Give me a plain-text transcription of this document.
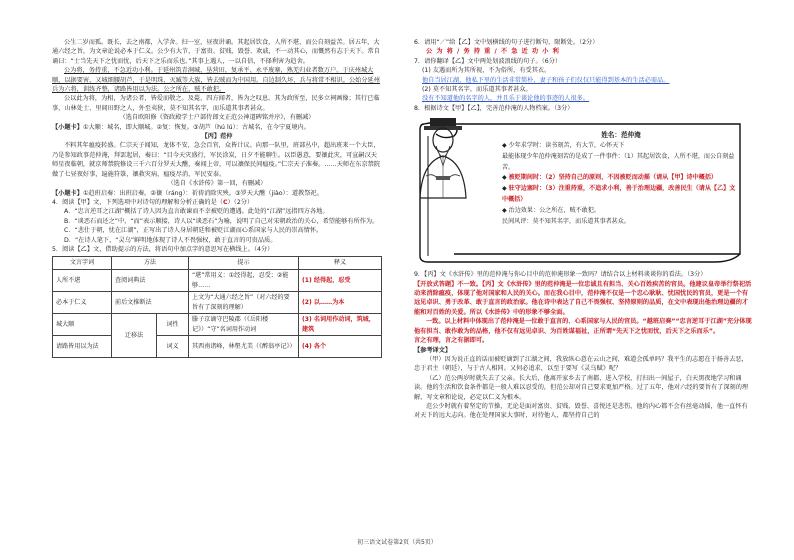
公生二岁而孤。既长，去之南都，入学舍。扫一室，昼夜讲诵。其起居饮食，人所不堪，而公自刻益苦。居五年，大通六经之旨，为文章论说必本于仁义。公少有大节，于富贵、贫贱、毁誉、欢戚，不一动其心，而慨然有志于天下。常自诵曰：“士当先天下之忧而忧，后天下之乐而乐也。”其事上遇人，一以自信，不择利害为趋舍。

公为将，务持重，不急近功小利。于延州筑青涧城，垦营田，复承平、永平废寨，熟羌归业者数万户。于庆州城大顺，以据要害，又城细腰胡芦，于是明珠、灭臧等大族，皆去贼而为中国用。自边制久坏，兵与将常不相识。公始分延州兵为六将，训练齐整，诸路皆用以为法。公之所在，贼不敢犯。

公以此为将，为相，为诸公者，皆爱而敬之。及薨，四方闻者，皆为之叹息。其为政所至，民多立祠画像；其行已临事，山林处士、里闾田野之人，外至夷狄，莫不知其名字，而乐道其事者甚众。

（选自欧阳修《资政殿学士户部侍郎文正范公神道碑铭并序》，有删减）

【小题卡】①大顺：城名，即大顺城。②复：恢复。③胡芦（hú lú）：古城名，在今宁夏境内。

【丙】范仲

不料其年瘟疫转盛。仁宗天子闻知，龙体不安，急会百官，众皆计议。向那一队里，班部丛中，超出班来一个大臣，乃是参知政事范仲淹，拜罢起居，奏曰：“目今天灾盛行，军民涂炭，日夕不能聊生。以臣愚意，要禳此灾，可宣嗣汉天师星夜临朝，就京师禁院修设三千六百分罗天大醮，奏闻上帝，可以禳保民间瘟疫。”仁宗天子准奏。……天师在东京禁院做了七昼夜好事，遍施符箓，禳救灾病，瘟疫尽消，军民安泰。

（选自《水浒传》第一回，有删减）

【小题卡】①趋班启奏：出班启奏。②禳（ráng）：祈祷消除灾殃。③罗天大醮（jiào）：道教祭祀。

4．阅读【甲】文，下列选项中对诗句的理解和分析正确的是（C）（2分）

A．“忠言逆耳之江湖”概括了诗人因为直言敢谏而不幸被贬的遭遇。此处的“江湖”远指四方各地。

B．“谈恶石而还之”中，“而”表示顺接，诗人以“谈恶石”为喻，说明了自己对宋朝政治的关心，希望能够有所作为。

C．“悲仕于朝，忧在江湖”，正写出了诗人身居朝廷和被贬江湖而心系国家与人民的崇高情怀。

D．“在诗人笔下，“灵乌”鲜明地体现了诗人不畏强权，敢于直言的可贵品质。

5．阅读【乙】文，借助提示的方法，将语句中加点字的意思写在横线上。（4分）

文言字词	方法		提示	释义
人所不堪	查阅词典法		“堪”常用义：①经得起，忍受；②能够……	(1) 经得起，忍受
必本于仁义	前后文推断法		上文为“大通六经之旨”（对六经的要旨有了深刻的理解）	(2) 以……为本
城大顺	迁移法	词性	滕子京谪守巴陵郡（《岳阳楼记》）“守”名词用作动词	(3) 名词用作动词，筑城，建筑
请路皆用以为法		词义	其西南诸峰，林壑尤美（《醉翁亭记》）	(4) 各个

6．请用“／”给【乙】文中划横线的句子进行断句，限断处。（2分）

公 为 将 / 务 持 重 / 不 急 近 功 小 利

7．请你翻译【乙】文中两处划波浪线的句子。（6分）

(1) 友遇而所为其所视，不为俗所，有受其衣。

他自当居江湖，他私下里的生活非常简朴，妻子和孩子们仅仅只能得到基本的生活必需品。

(2) 莫不知其名字，而乐道其事者甚众。

没有不知道他的名字的人，并且乐于谈论他的事迹的人很多。

8．根据诗文【甲】【乙】，完善范仲淹的人物档案。（3分）

姓名：范仲淹
◆ 少年求学时：读书刻苦，有大节，心怀天下
最能体现少年范仲淹刻苦的是成了一件事件：（1）其起居饮食，人所不堪，而公自刻益苦。
◆ 被贬期间时：（2）坚持自己的原则，不因被贬而动摇（请从【甲】诗中概括）
◆ 驻守边塞时：（3）注重持重，不追求小利，善于治理边疆，改善民生（请从【乙】文中概括）
◆ 治边效果：公之所在，贼不敢犯。
民间风评：莫不知其名字，而乐道其事者甚众。

9．【丙】文《水浒传》里的范仲淹与你心目中的范仲淹形象一致吗？请结合以上材料谈谈你的看法。（3分）

【开放式答题】不一致。【丙】文《水浒传》里的范仲淹是一位忠诚且有担当、关心百姓疾苦的官员。他建议皇帝举行祭祀活动来消除瘟疫，体现了他对国家和人民的关心。而在我心目中，范仲淹不仅是一个忠心耿耿、忧国忧民的官员，更是一个有远见卓识、勇于改革、敢于直言的政治家。他在诗中表达了自己不畏强权、坚持原则的品质，在文中表现出他治理边疆的才能和对百姓的关爱。所以《水浒传》中的形象不够全面。

一致。以上材料中体现出了范仲淹是一位敢于直言的、心系国家与人民的官员。“越班启奏”“忠言逆耳于江湖”充分体现他有担当、敢作敢为的品格，他不仅有远见卓识、为百姓谋福祉，正所谓“先天下之忧而忧，后天下之乐而乐”。

言之有理，言之有据即可。

【参考译文】

（甲）因为说正直的话而被贬谪到了江湖之间，我放纵心意在云山之间，难道会孤单吗？我平生的志愿在于扬善去恶，忠于君主（朝廷），与于古人相同。又何必追求，以至于要写《灵乌赋》呢？

（乙）范公两岁时就失去了父亲。长大后，他离开家乡去了南都，进入学校，打扫出一间屋子，白天黑夜地学习和诵读。他的生活和饮食条件都是一般人难以忍受的，但范公却对自己要求更加严格。过了五年，他对六经的要旨有了深刻的理解，写文章和论说，必定以仁义为根本。

范公少时就有着坚定的节操，无论是面对富贵、贫贱、毁誉、喜悦还是悲伤，他的内心都不会有丝毫动摇，他一直怀有对天下的远大志向。他在处理国家大事时，对待他人，都坚持自己的

初三语文试卷第2页（共5页）
